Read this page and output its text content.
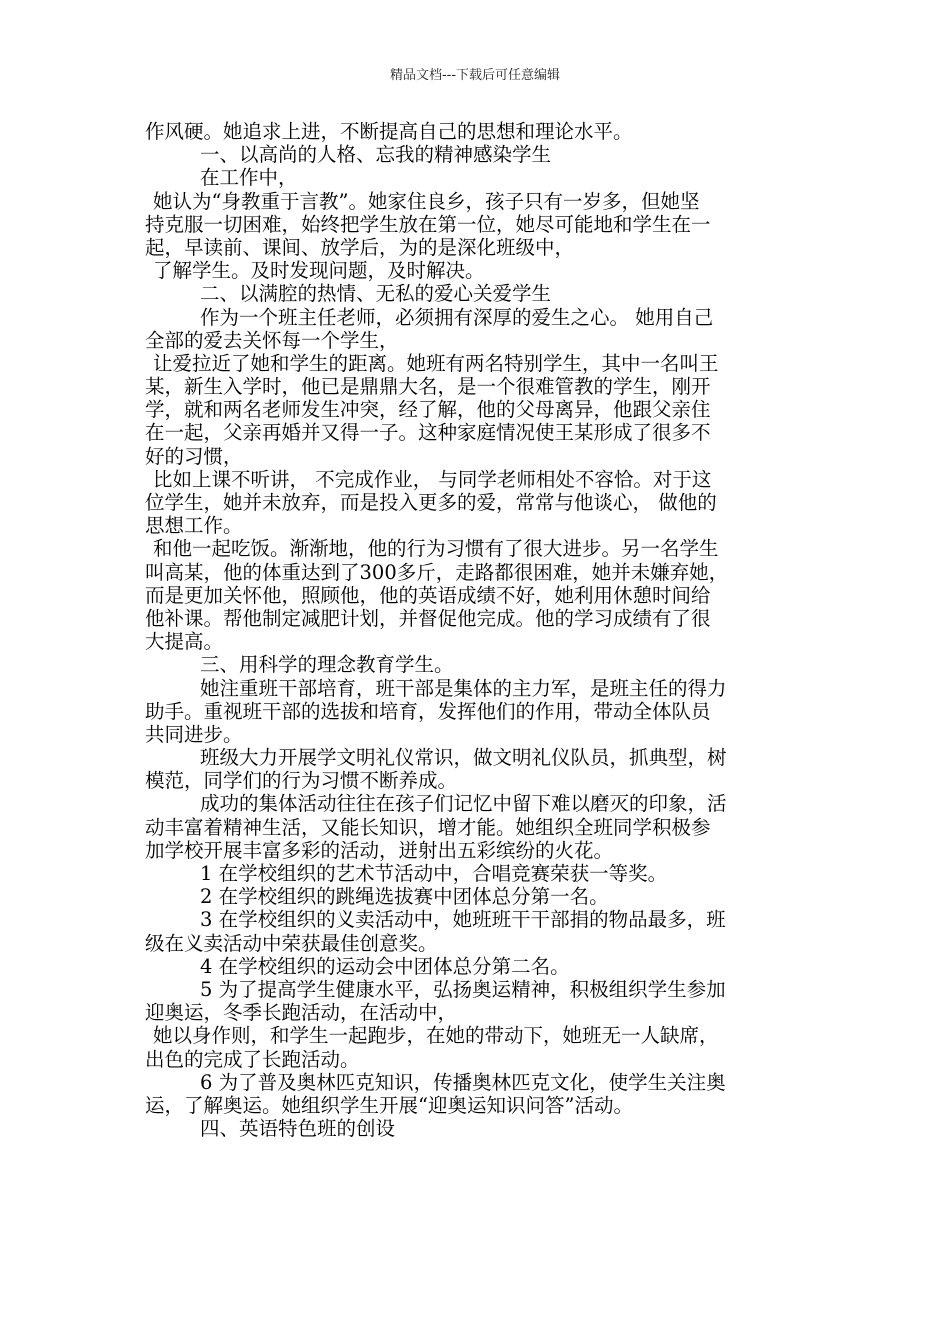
精品文档---下载后可任意编辑
作风硬。她追求上进，不断提高自己的思想和理论水平。
一、以高尚的人格、忘我的精神感染学生
在工作中，
她认为“身教重于言教”。她家住良乡，孩子只有一岁多，但她坚
持克服一切困难，始终把学生放在第一位，她尽可能地和学生在一
起，早读前、课间、放学后，为的是深化班级中，
了解学生。及时发现问题，及时解决。
二、以满腔的热情、无私的爱心关爱学生
作为一个班主任老师，必须拥有深厚的爱生之心。 她用自己
全部的爱去关怀每一个学生，
让爱拉近了她和学生的距离。她班有两名特别学生，其中一名叫王
某，新生入学时，他已是鼎鼎大名，是一个很难管教的学生，刚开
学，就和两名老师发生冲突，经了解，他的父母离异，他跟父亲住
在一起，父亲再婚并又得一子。这种家庭情况使王某形成了很多不
好的习惯，
比如上课不听讲， 不完成作业， 与同学老师相处不容恰。对于这
位学生，她并未放弃，而是投入更多的爱，常常与他谈心， 做他的
思想工作。
和他一起吃饭。渐渐地，他的行为习惯有了很大进步。另一名学生
叫高某，他的体重达到了300多斤，走路都很困难，她并未嫌弃她，
而是更加关怀他，照顾他，他的英语成绩不好，她利用休憩时间给
他补课。帮他制定减肥计划，并督促他完成。他的学习成绩有了很
大提高。
三、用科学的理念教育学生。
她注重班干部培育，班干部是集体的主力军，是班主任的得力
助手。重视班干部的选拔和培育，发挥他们的作用，带动全体队员
共同进步。
班级大力开展学文明礼仪常识，做文明礼仪队员，抓典型，树
模范，同学们的行为习惯不断养成。
成功的集体活动往往在孩子们记忆中留下难以磨灭的印象，活
动丰富着精神生活，又能长知识，增才能。她组织全班同学积极参
加学校开展丰富多彩的活动，迸射出五彩缤纷的火花。
1 在学校组织的艺术节活动中，合唱竞赛荣获一等奖。
2 在学校组织的跳绳选拔赛中团体总分第一名。
3 在学校组织的义卖活动中，她班班干干部捐的物品最多，班
级在义卖活动中荣获最佳创意奖。
4 在学校组织的运动会中团体总分第二名。
5 为了提高学生健康水平，弘扬奥运精神，积极组织学生参加
迎奥运，冬季长跑活动，在活动中，
她以身作则，和学生一起跑步，在她的带动下，她班无一人缺席，
出色的完成了长跑活动。
6 为了普及奥林匹克知识，传播奥林匹克文化，使学生关注奥
运，了解奥运。她组织学生开展“迎奥运知识问答”活动。
四、英语特色班的创设
